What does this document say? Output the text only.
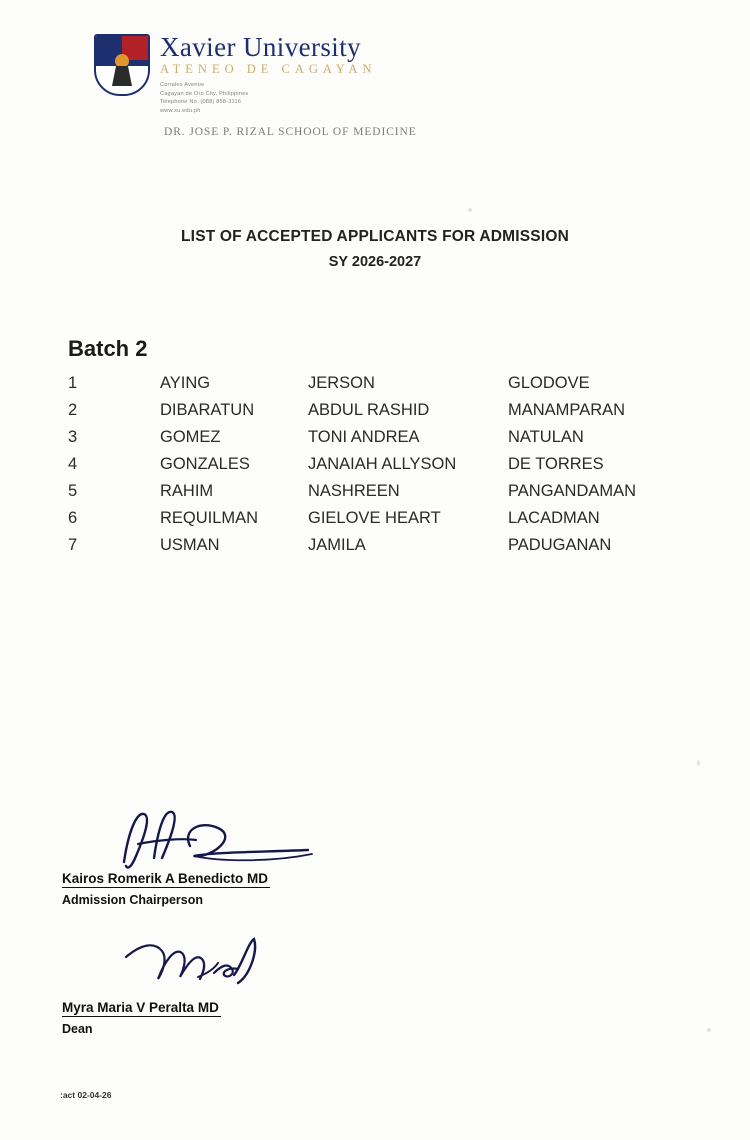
Xavier University
ATENEO DE CAGAYAN
Corrales Avenue
Cagayan de Oro City, Philippines
Telephone No. (088) 858-3116
www.xu.edu.ph
DR. JOSE P. RIZAL SCHOOL OF MEDICINE
LIST OF ACCEPTED APPLICANTS FOR ADMISSION
SY 2026-2027
Batch 2
1	AYING	JERSON	GLODOVE
2	DIBARATUN	ABDUL RASHID	MANAMPARAN
3	GOMEZ	TONI ANDREA	NATULAN
4	GONZALES	JANAIAH ALLYSON	DE TORRES
5	RAHIM	NASHREEN	PANGANDAMAN
6	REQUILMAN	GIELOVE HEART	LACADMAN
7	USMAN	JAMILA	PADUGANAN
Kairos Romerik A Benedicto MD
Admission Chairperson
Myra Maria V Peralta MD
Dean
:act 02-04-26
